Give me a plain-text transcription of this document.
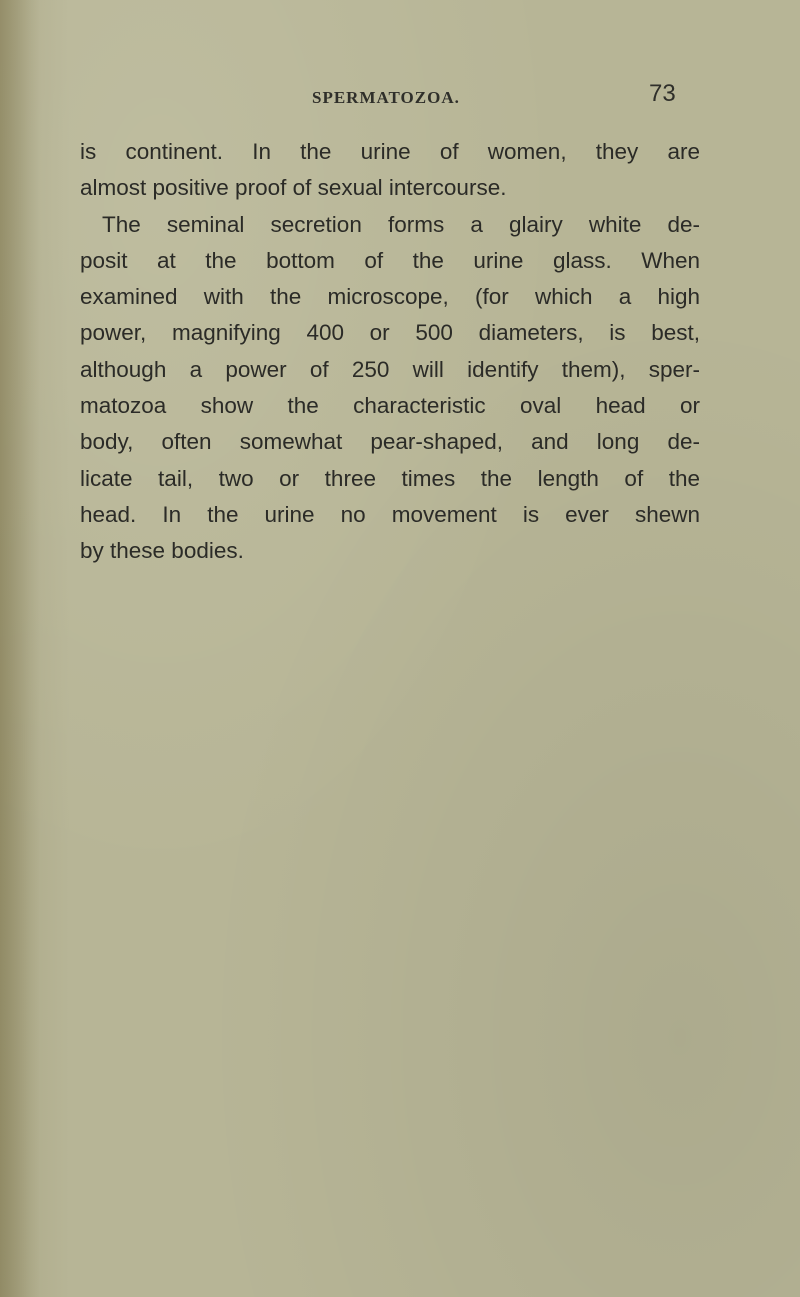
SPERMATOZOA.	73
is continent. In the urine of women, they are
almost positive proof of sexual intercourse.
The seminal secretion forms a glairy white de-
posit at the bottom of the urine glass. When
examined with the microscope, (for which a high
power, magnifying 400 or 500 diameters, is best,
although a power of 250 will identify them), sper-
matozoa show the characteristic oval head or
body, often somewhat pear-shaped, and long de-
licate tail, two or three times the length of the
head. In the urine no movement is ever shewn
by these bodies.
